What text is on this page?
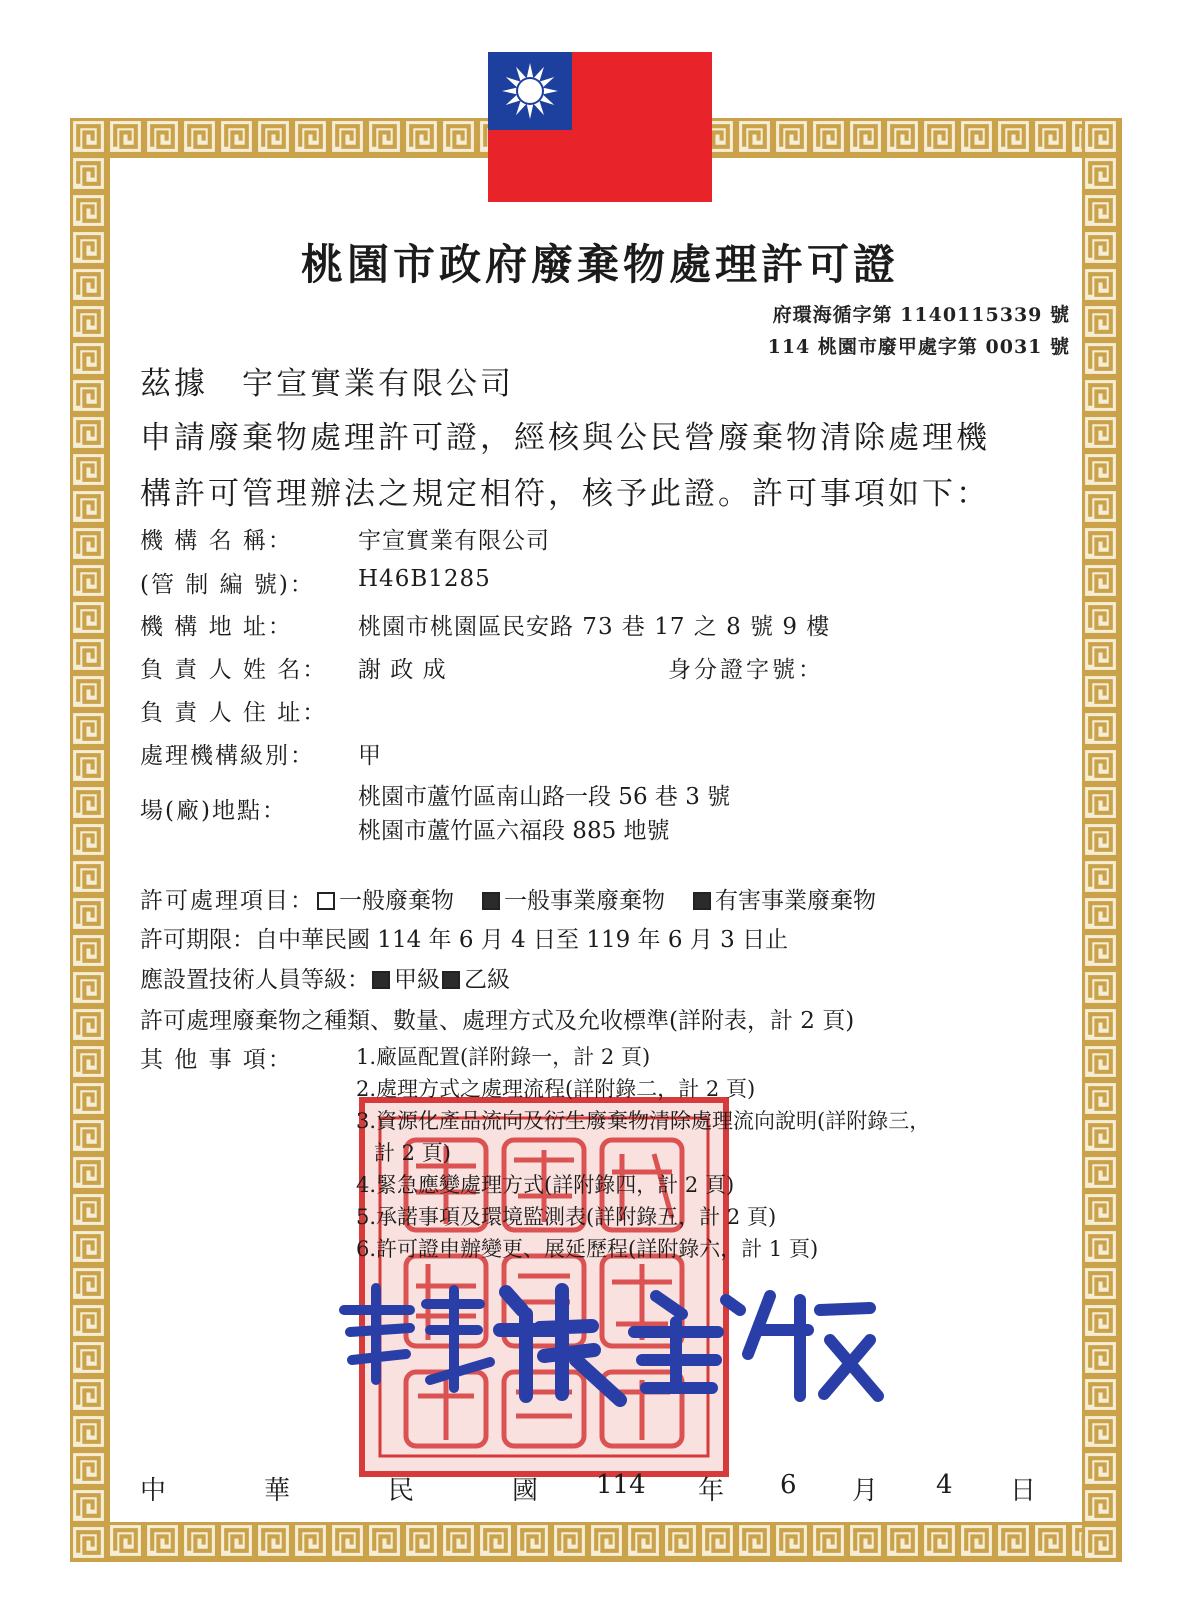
桃園市政府廢棄物處理許可證
府環海循字第 1140115339 號
114 桃園市廢甲處字第 0031 號
茲據 宇宣實業有限公司
申請廢棄物處理許可證，經核與公民營廢棄物清除處理機
構許可管理辦法之規定相符，核予此證。許可事項如下：
機 構 名 稱：	宇宣實業有限公司
(管 制 編 號)： H46B1285
機 構 地 址：	桃園市桃園區民安路 73 巷 17 之 8 號 9 樓
負 責 人 姓 名： 謝 政 成	身分證字號：
負 責 人 住 址：
處理機構級別： 甲
場(廠)地點：
桃園市蘆竹區南山路一段 56 巷 3 號
桃園市蘆竹區六福段 885 地號
許可處理項目： 一般廢棄物 一般事業廢棄物 有害事業廢棄物
許可期限：自中華民國 114 年 6 月 4 日至 119 年 6 月 3 日止
應設置技術人員等級： 甲級 乙級
許可處理廢棄物之種類、數量、處理方式及允收標準(詳附表，計 2 頁)
其 他 事 項：	1.廠區配置(詳附錄一，計 2 頁)
2.處理方式之處理流程(詳附錄二，計 2 頁)
3.資源化產品流向及衍生廢棄物清除處理流向說明(詳附錄三，
計 2 頁)
4.緊急應變處理方式(詳附錄四，計 2 頁)
5.承諾事項及環境監測表(詳附錄五，計 2 頁)
6.許可證申辦變更、展延歷程(詳附錄六，計 1 頁)
中	華	民	國 114 年 6 月 4 日
